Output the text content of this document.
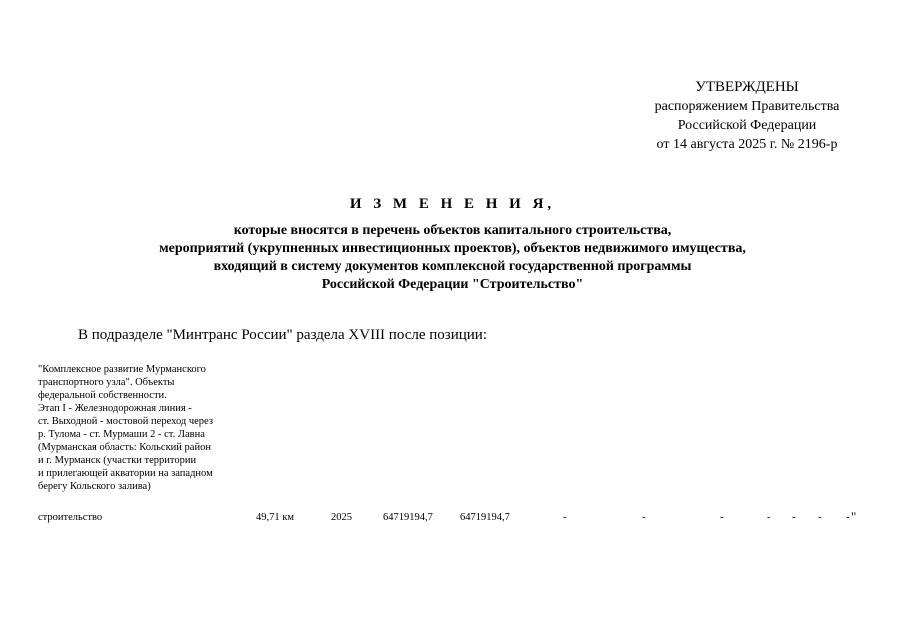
УТВЕРЖДЕНЫ
распоряжением Правительства
Российской Федерации
от 14 августа 2025 г. № 2196-р
И З М Е Н Е Н И Я,
которые вносятся в перечень объектов капитального строительства,
мероприятий (укрупненных инвестиционных проектов), объектов недвижимого имущества,
входящий в систему документов комплексной государственной программы
Российской Федерации "Строительство"
В подразделе "Минтранс России" раздела XVIII после позиции:
"Комплексное развитие Мурманского
транспортного узла". Объекты
федеральной собственности.
Этап I - Железнодорожная линия -
ст. Выходной - мостовой переход через
р. Тулома - ст. Мурмаши 2 - ст. Лавна
(Мурманская область: Кольский район
и г. Мурманск (участки территории
и прилегающей акватории на западном
берегу Кольского залива)
строительство	49,71 км	2025	64719194,7	64719194,7	-	-	-	- - - - "
